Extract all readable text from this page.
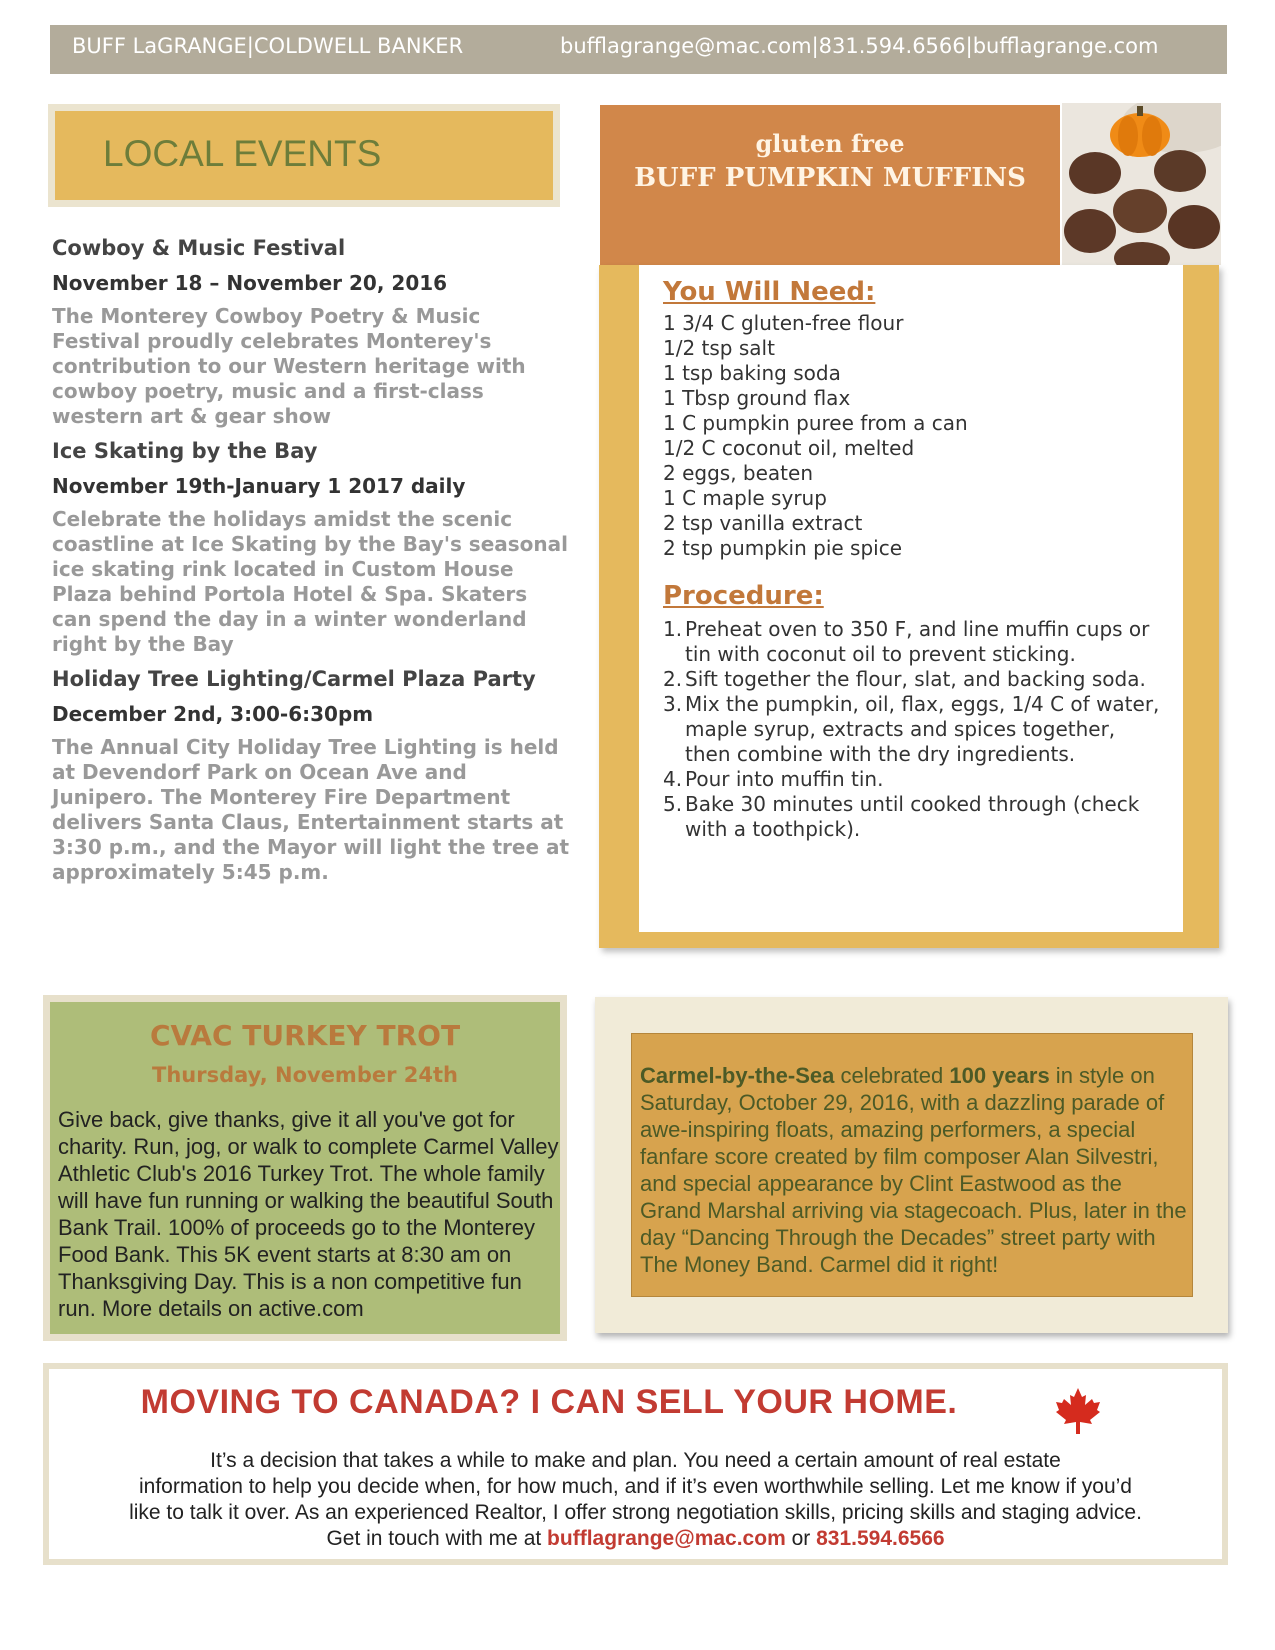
BUFF LaGRANGE|COLDWELL BANKER	bufflagrange@mac.com|831.594.6566|bufflagrange.com
LOCAL EVENTS
Cowboy & Music Festival
November 18 – November 20, 2016
The Monterey Cowboy Poetry & Music Festival proudly celebrates Monterey's contribution to our Western heritage with cowboy poetry, music and a first-class western art & gear show
Ice Skating by the Bay
November 19th-January 1 2017 daily
Celebrate the holidays amidst the scenic coastline at Ice Skating by the Bay's seasonal ice skating rink located in Custom House Plaza behind Portola Hotel & Spa. Skaters can spend the day in a winter wonderland right by the Bay
Holiday Tree Lighting/Carmel Plaza Party
December 2nd, 3:00-6:30pm
The Annual City Holiday Tree Lighting is held at Devendorf Park on Ocean Ave and Junipero. The Monterey Fire Department delivers Santa Claus, Entertainment starts at 3:30 p.m., and the Mayor will light the tree at approximately 5:45 p.m.
gluten free
BUFF PUMPKIN MUFFINS
You Will Need:
1 3/4 C gluten-free flour
1/2 tsp salt
1 tsp baking soda
1 Tbsp ground flax
1 C pumpkin puree from a can
1/2 C coconut oil, melted
2 eggs, beaten
1 C maple syrup
2 tsp vanilla extract
2 tsp pumpkin pie spice
Procedure:
1. Preheat oven to 350 F, and line muffin cups or tin with coconut oil to prevent sticking.
2. Sift together the flour, slat, and backing soda.
3. Mix the pumpkin, oil, flax, eggs, 1/4 C of water, maple syrup, extracts and spices together, then combine with the dry ingredients.
4. Pour into muffin tin.
5. Bake 30 minutes until cooked through (check with a toothpick).
CVAC TURKEY TROT
Thursday, November 24th
Give back, give thanks, give it all you've got for charity. Run, jog, or walk to complete Carmel Valley Athletic Club's 2016 Turkey Trot. The whole family will have fun running or walking the beautiful South Bank Trail. 100% of proceeds go to the Monterey Food Bank. This 5K event starts at 8:30 am on Thanksgiving Day. This is a non competitive fun run. More details on active.com
Carmel-by-the-Sea celebrated 100 years in style on Saturday, October 29, 2016, with a dazzling parade of awe-inspiring floats, amazing performers, a special fanfare score created by film composer Alan Silvestri, and special appearance by Clint Eastwood as the Grand Marshal arriving via stagecoach. Plus, later in the day “Dancing Through the Decades” street party with The Money Band. Carmel did it right!
MOVING TO CANADA? I CAN SELL YOUR HOME.
It’s a decision that takes a while to make and plan. You need a certain amount of real estate
information to help you decide when, for how much, and if it’s even worthwhile selling. Let me know if you’d
like to talk it over. As an experienced Realtor, I offer strong negotiation skills, pricing skills and staging advice.
Get in touch with me at bufflagrange@mac.com or 831.594.6566
